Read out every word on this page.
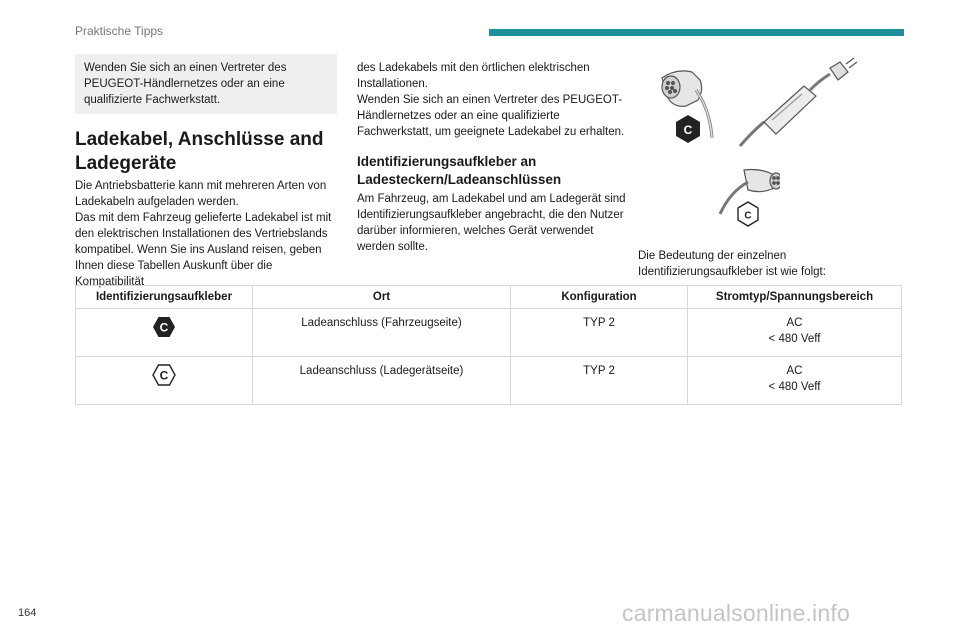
Praktische Tipps
Wenden Sie sich an einen Vertreter des PEUGEOT-Händlernetzes oder an eine qualifizierte Fachwerkstatt.
Ladekabel, Anschlüsse and Ladegeräte
Die Antriebsbatterie kann mit mehreren Arten von Ladekabeln aufgeladen werden.
Das mit dem Fahrzeug gelieferte Ladekabel ist mit den elektrischen Installationen des Vertriebslands kompatibel. Wenn Sie ins Ausland reisen, geben Ihnen diese Tabellen Auskunft über die Kompatibilität
des Ladekabels mit den örtlichen elektrischen Installationen.
Wenden Sie sich an einen Vertreter des PEUGEOT-Händlernetzes oder an eine qualifizierte Fachwerkstatt, um geeignete Ladekabel zu erhalten.
Identifizierungsaufkleber an Ladesteckern/Ladeanschlüssen
Am Fahrzeug, am Ladekabel und am Ladegerät sind Identifizierungsaufkleber angebracht, die den Nutzer darüber informieren, welches Gerät verwendet werden sollte.
C
C
Die Bedeutung der einzelnen Identifizierungsaufkleber ist wie folgt:
Identifizierungsaufkleber	Ort	Konfiguration	Stromtyp/Spannungsbereich

C	Ladeanschluss (Fahrzeugseite)	TYP 2	AC
< 480 Veff

C	Ladeanschluss (Ladegerätseite)	TYP 2	AC
< 480 Veff
164	carmanualsonline.info
